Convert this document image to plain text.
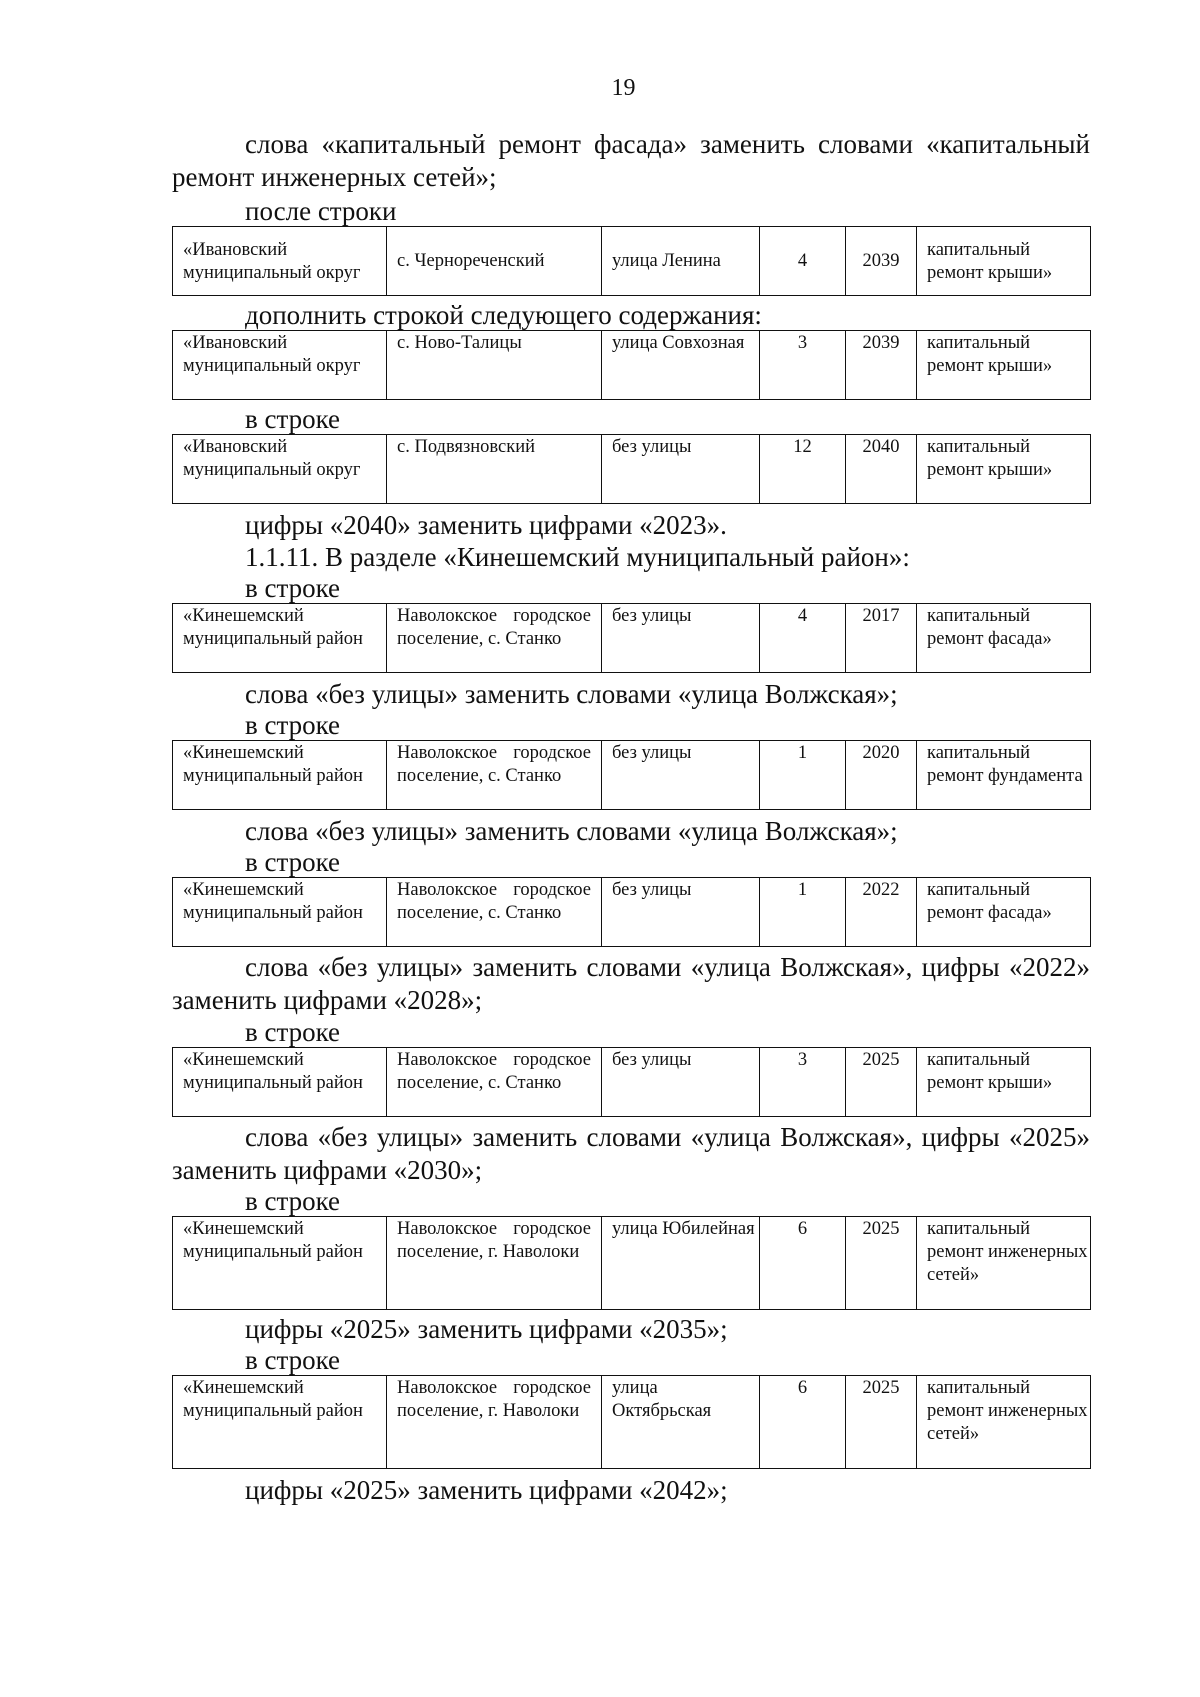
19

слова «капитальный ремонт фасада» заменить словами «капитальный ремонт инженерных сетей»;

после строки

«Ивановский муниципальный округ	с. Чернореченский	улица Ленина	4	2039	капитальный ремонт крыши»

дополнить строкой следующего содержания:

«Ивановский муниципальный округ	с. Ново-Талицы	улица Совхозная	3	2039	капитальный ремонт крыши»

в строке

«Ивановский муниципальный округ	с. Подвязновский	без улицы	12	2040	капитальный ремонт крыши»

цифры «2040» заменить цифрами «2023».

1.1.11. В разделе «Кинешемский муниципальный район»:

в строке

«Кинешемский муниципальный район	Наволокское городское поселение, с. Станко	без улицы	4	2017	капитальный ремонт фасада»

слова «без улицы» заменить словами «улица Волжская»;

в строке

«Кинешемский муниципальный район	Наволокское городское поселение, с. Станко	без улицы	1	2020	капитальный ремонт фундамента

слова «без улицы» заменить словами «улица Волжская»;

в строке

«Кинешемский муниципальный район	Наволокское городское поселение, с. Станко	без улицы	1	2022	капитальный ремонт фасада»

слова «без улицы» заменить словами «улица Волжская», цифры «2022» заменить цифрами «2028»;

в строке

«Кинешемский муниципальный район	Наволокское городское поселение, с. Станко	без улицы	3	2025	капитальный ремонт крыши»

слова «без улицы» заменить словами «улица Волжская», цифры «2025» заменить цифрами «2030»;

в строке

«Кинешемский муниципальный район	Наволокское городское поселение, г. Наволоки	улица Юбилейная	6	2025	капитальный ремонт инженерных сетей»

цифры «2025» заменить цифрами «2035»;

в строке

«Кинешемский муниципальный район	Наволокское городское поселение, г. Наволоки	улица Октябрьская	6	2025	капитальный ремонт инженерных сетей»

цифры «2025» заменить цифрами «2042»;
